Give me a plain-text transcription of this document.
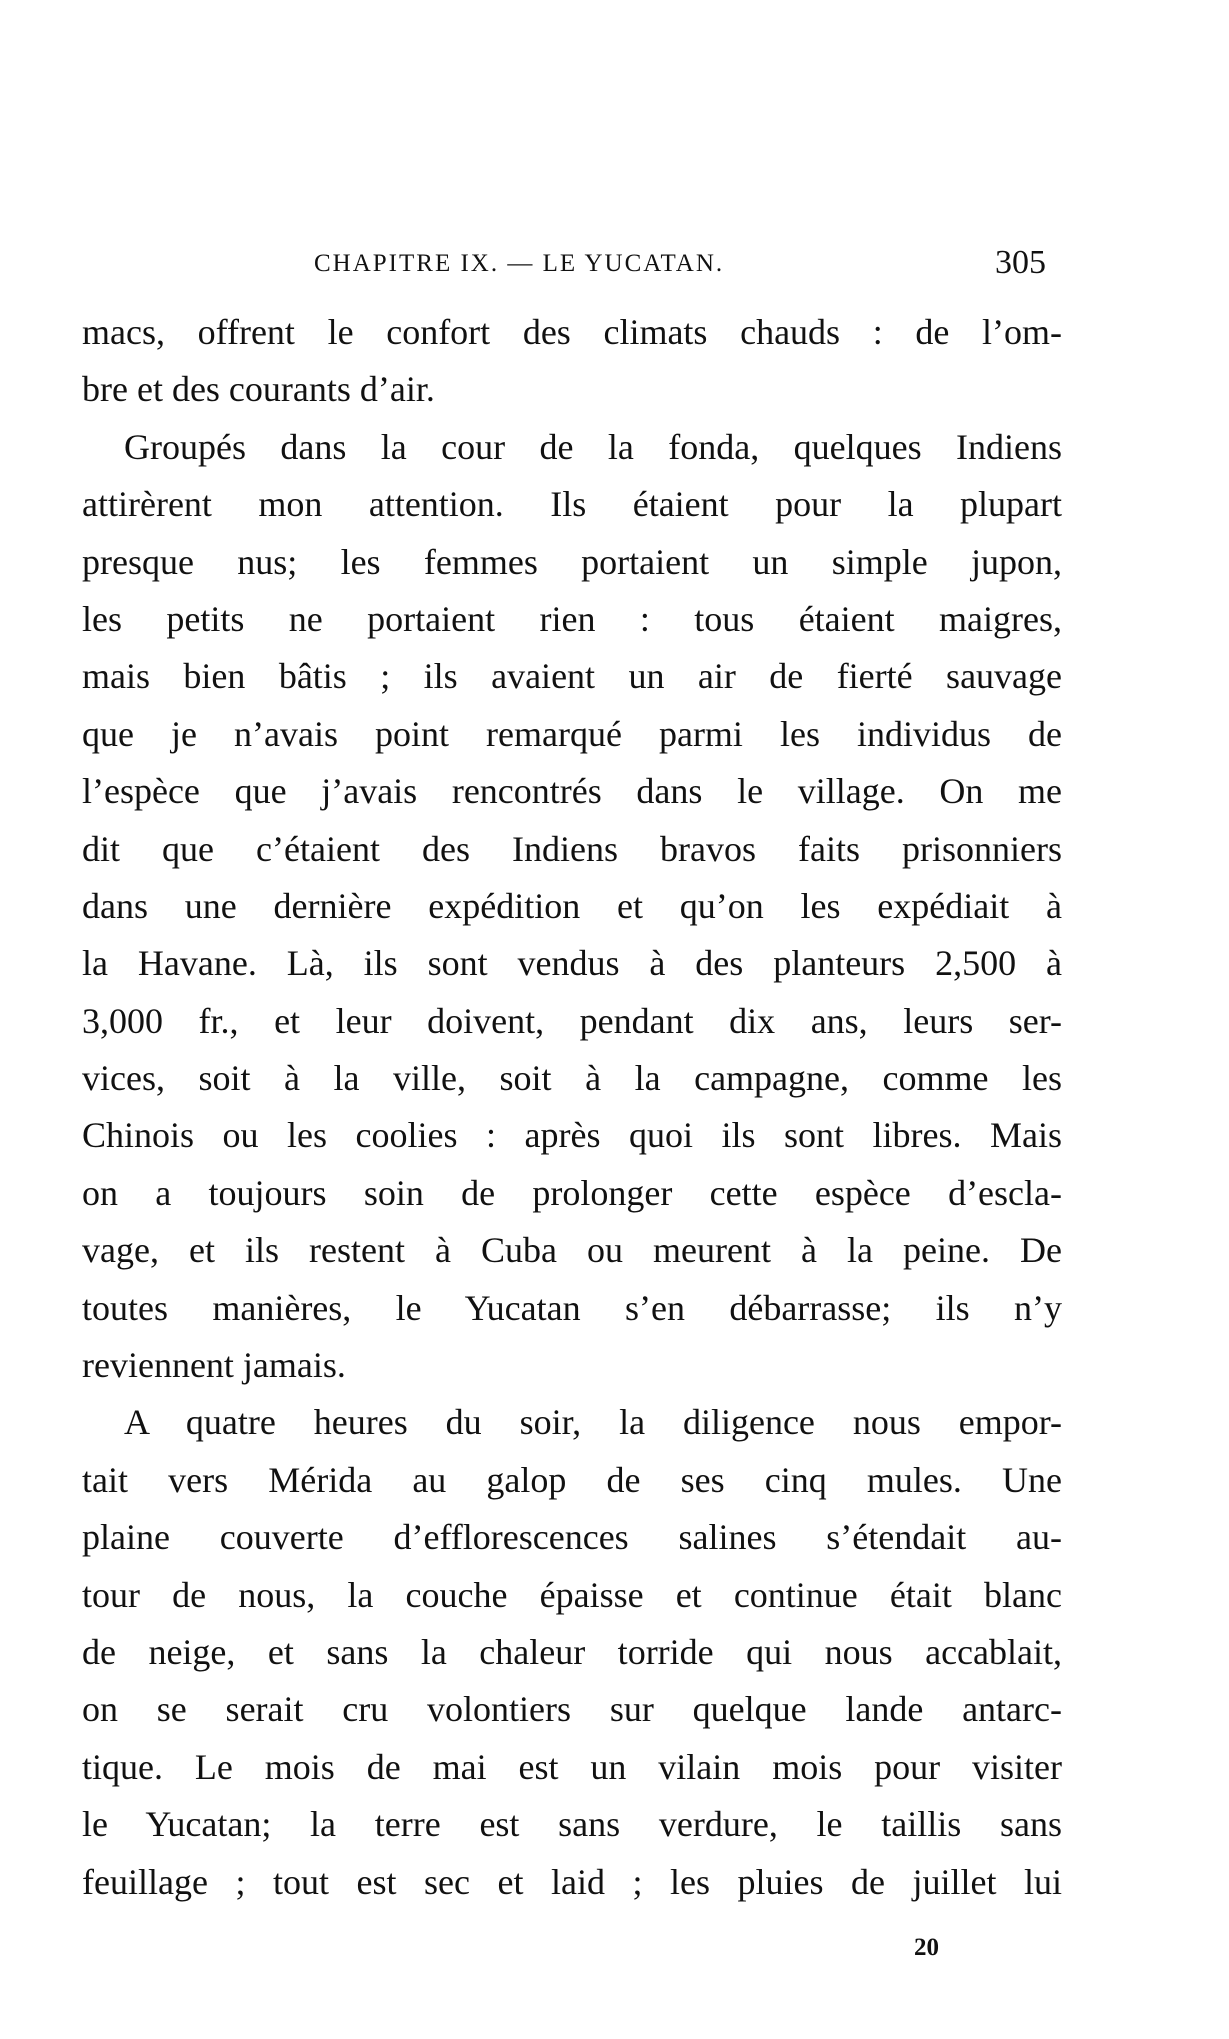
CHAPITRE IX. — LE YUCATAN.	305
macs, offrent le confort des climats chauds : de l’om-
bre et des courants d’air.
Groupés dans la cour de la fonda, quelques Indiens
attirèrent mon attention. Ils étaient pour la plupart
presque nus; les femmes portaient un simple jupon,
les petits ne portaient rien : tous étaient maigres,
mais bien bâtis ; ils avaient un air de fierté sauvage
que je n’avais point remarqué parmi les individus de
l’espèce que j’avais rencontrés dans le village. On me
dit que c’étaient des Indiens bravos faits prisonniers
dans une dernière expédition et qu’on les expédiait à
la Havane. Là, ils sont vendus à des planteurs 2,500 à
3,000 fr., et leur doivent, pendant dix ans, leurs ser-
vices, soit à la ville, soit à la campagne, comme les
Chinois ou les coolies : après quoi ils sont libres. Mais
on a toujours soin de prolonger cette espèce d’escla-
vage, et ils restent à Cuba ou meurent à la peine. De
toutes manières, le Yucatan s’en débarrasse; ils n’y
reviennent jamais.
A quatre heures du soir, la diligence nous empor-
tait vers Mérida au galop de ses cinq mules. Une
plaine couverte d’efflorescences salines s’étendait au-
tour de nous, la couche épaisse et continue était blanc
de neige, et sans la chaleur torride qui nous accablait,
on se serait cru volontiers sur quelque lande antarc-
tique. Le mois de mai est un vilain mois pour visiter
le Yucatan; la terre est sans verdure, le taillis sans
feuillage ; tout est sec et laid ; les pluies de juillet lui
20
